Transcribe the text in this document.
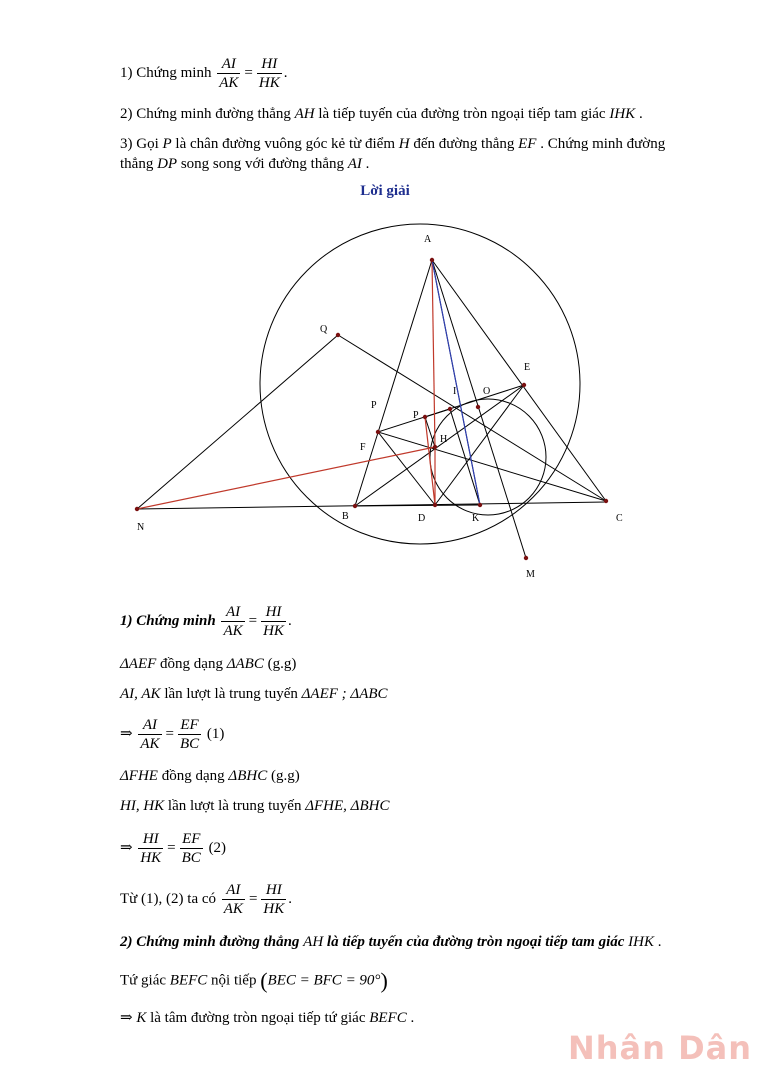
1) Chứng minh $\frac{AI}{AK} = \frac{HI}{HK}$ .
2) Chứng minh đường thẳng AH là tiếp tuyến của đường tròn ngoại tiếp tam giác IHK .
3) Gọi P là chân đường vuông góc kẻ từ điểm H đến đường thẳng EF . Chứng minh đường
thẳng DP song song với đường thẳng AI .
Lời giải
A
Q
E
I	O
P
P
F
H
N
B	D	K	C
M
1) Chứng minh $\frac{AI}{AK} = \frac{HI}{HK}$ .
ΔAEF đồng dạng ΔABC (g.g)
AI, AK lần lượt là trung tuyến ΔAEF ; ΔABC
⇒ $\frac{AI}{AK} = \frac{EF}{BC} (1)$
ΔFHE đồng dạng ΔBHC (g.g)
HI, HK lần lượt là trung tuyến ΔFHE, ΔBHC
⇒ $\frac{HI}{HK} = \frac{EF}{BC} (2)$
Từ (1), (2) ta có $\frac{AI}{AK} = \frac{HI}{HK}$ .
2) Chứng minh đường thẳng AH là tiếp tuyến của đường tròn ngoại tiếp tam giác IHK .
Tứ giác BEFC nội tiếp (BEC = BFC = 90°)
⇒ K là tâm đường tròn ngoại tiếp tứ giác BEFC .
Nhân Dân
